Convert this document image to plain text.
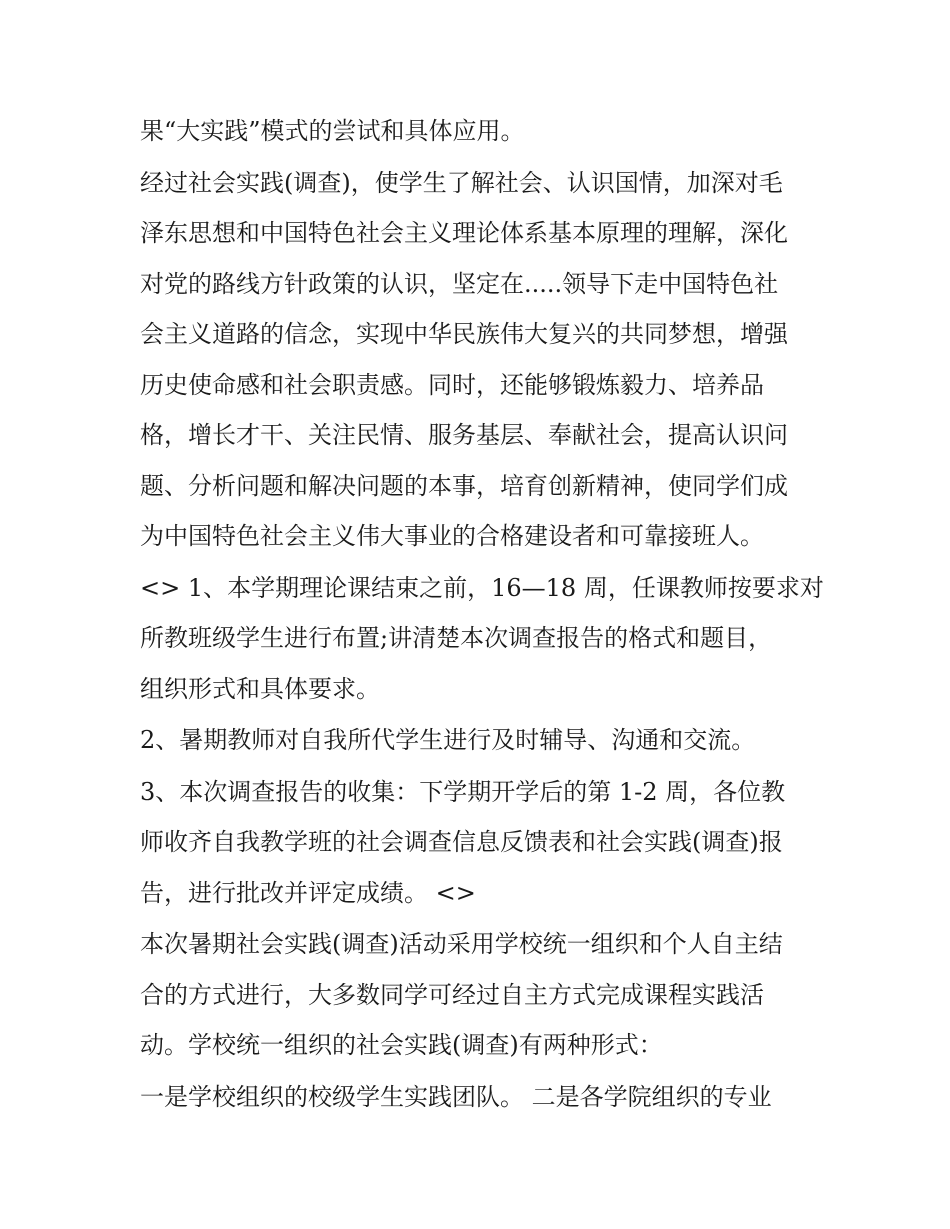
果“大实践”模式的尝试和具体应用。

经过社会实践(调查)，使学生了解社会、认识国情，加深对毛
泽东思想和中国特色社会主义理论体系基本原理的理解，深化
对党的路线方针政策的认识，坚定在.....领导下走中国特色社
会主义道路的信念，实现中华民族伟大复兴的共同梦想，增强
历史使命感和社会职责感。同时，还能够锻炼毅力、培养品
格，增长才干、关注民情、服务基层、奉献社会，提高认识问
题、分析问题和解决问题的本事，培育创新精神，使同学们成
为中国特色社会主义伟大事业的合格建设者和可靠接班人。

<> 1、本学期理论课结束之前，16—18 周，任课教师按要求对
所教班级学生进行布置;讲清楚本次调查报告的格式和题目，
组织形式和具体要求。

2、暑期教师对自我所代学生进行及时辅导、沟通和交流。

3、本次调查报告的收集：下学期开学后的第 1-2 周，各位教
师收齐自我教学班的社会调查信息反馈表和社会实践(调查)报
告，进行批改并评定成绩。 <>

本次暑期社会实践(调查)活动采用学校统一组织和个人自主结
合的方式进行，大多数同学可经过自主方式完成课程实践活
动。学校统一组织的社会实践(调查)有两种形式：

一是学校组织的校级学生实践团队。 二是各学院组织的专业
